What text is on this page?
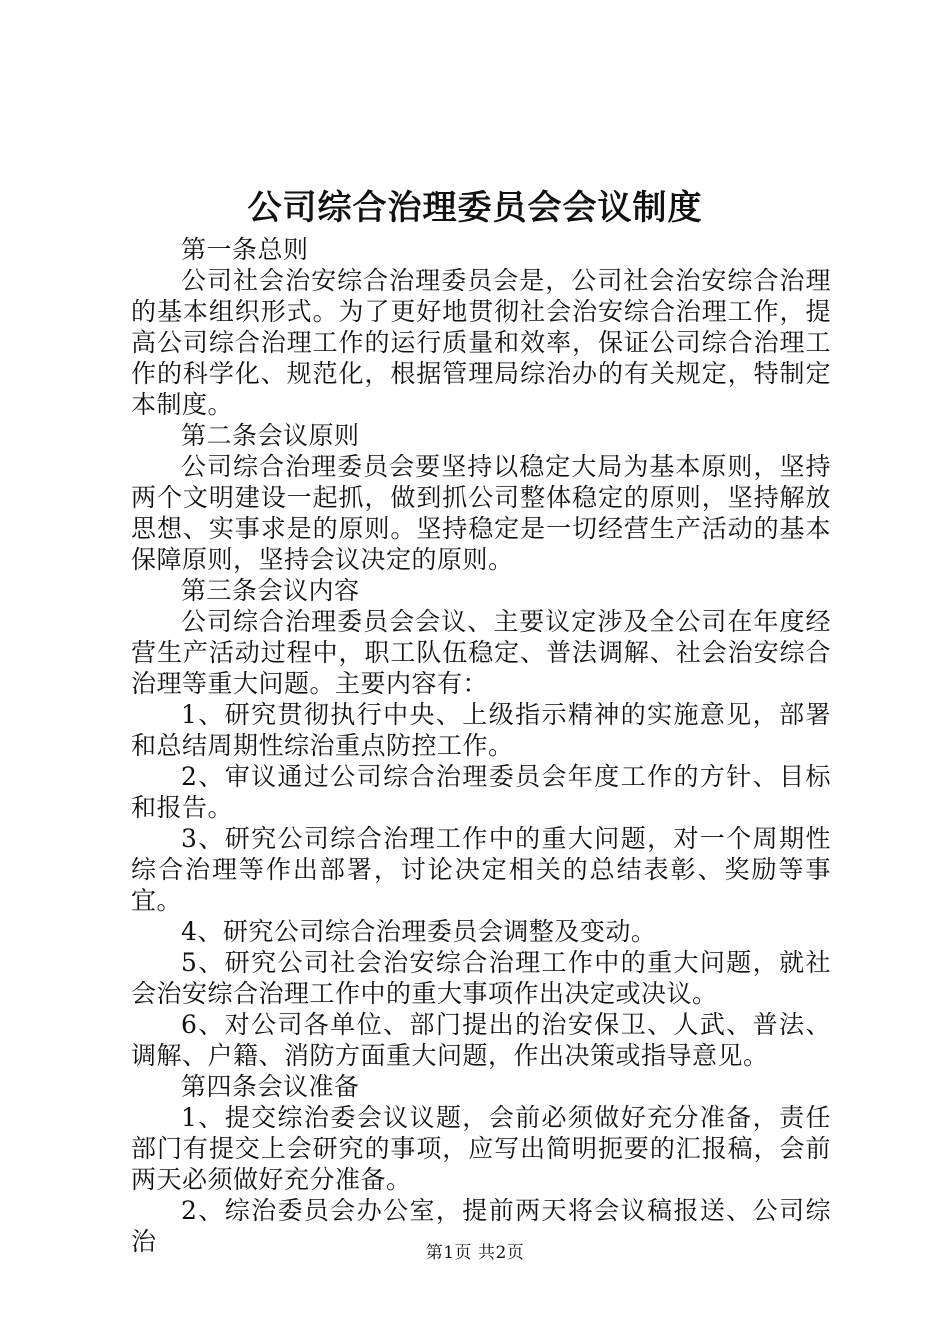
公司综合治理委员会会议制度

第一条总则

公司社会治安综合治理委员会是，公司社会治安综合治理的基本组织形式。为了更好地贯彻社会治安综合治理工作，提高公司综合治理工作的运行质量和效率，保证公司综合治理工作的科学化、规范化，根据管理局综治办的有关规定，特制定本制度。

第二条会议原则

公司综合治理委员会要坚持以稳定大局为基本原则，坚持两个文明建设一起抓，做到抓公司整体稳定的原则，坚持解放思想、实事求是的原则。坚持稳定是一切经营生产活动的基本保障原则，坚持会议决定的原则。

第三条会议内容

公司综合治理委员会会议、主要议定涉及全公司在年度经营生产活动过程中，职工队伍稳定、普法调解、社会治安综合治理等重大问题。主要内容有：

1、研究贯彻执行中央、上级指示精神的实施意见，部署和总结周期性综治重点防控工作。

2、审议通过公司综合治理委员会年度工作的方针、目标和报告。

3、研究公司综合治理工作中的重大问题，对一个周期性综合治理等作出部署，讨论决定相关的总结表彰、奖励等事宜。

4、研究公司综合治理委员会调整及变动。

5、研究公司社会治安综合治理工作中的重大问题，就社会治安综合治理工作中的重大事项作出决定或决议。

6、对公司各单位、部门提出的治安保卫、人武、普法、调解、户籍、消防方面重大问题，作出决策或指导意见。

第四条会议准备

1、提交综治委会议议题，会前必须做好充分准备，责任部门有提交上会研究的事项，应写出简明扼要的汇报稿，会前两天必须做好充分准备。

2、综治委员会办公室，提前两天将会议稿报送、公司综治	第1页 共2页
